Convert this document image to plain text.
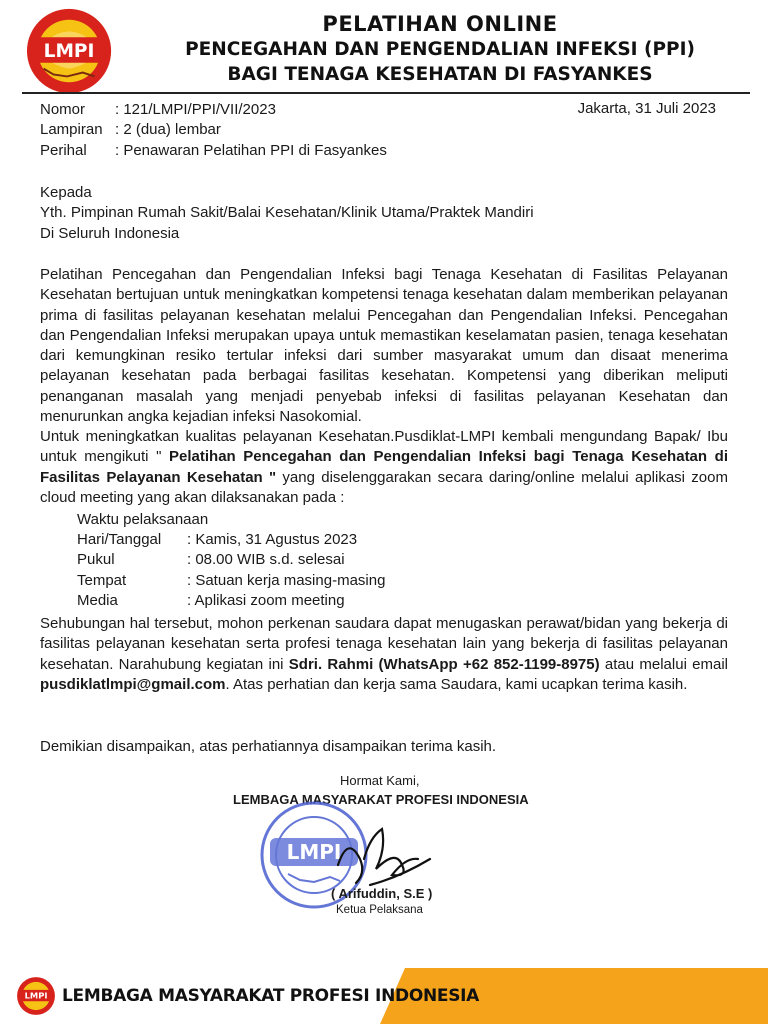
LMPI
PELATIHAN ONLINE
PENCEGAHAN DAN PENGENDALIAN INFEKSI (PPI)
BAGI TENAGA KESEHATAN DI FASYANKES
Nomor : 121/LMPI/PPI/VII/2023	Jakarta, 31 Juli 2023
Lampiran : 2 (dua) lembar
Perihal : Penawaran Pelatihan PPI di Fasyankes
Kepada
Yth. Pimpinan Rumah Sakit/Balai Kesehatan/Klinik Utama/Praktek Mandiri
Di Seluruh Indonesia
Pelatihan Pencegahan dan Pengendalian Infeksi bagi Tenaga Kesehatan di Fasilitas Pelayanan Kesehatan bertujuan untuk meningkatkan kompetensi tenaga kesehatan dalam memberikan pelayanan prima di fasilitas pelayanan kesehatan melalui Pencegahan dan Pengendalian Infeksi. Pencegahan dan Pengendalian Infeksi merupakan upaya untuk memastikan keselamatan pasien, tenaga kesehatan dari kemungkinan resiko tertular infeksi dari sumber masyarakat umum dan disaat menerima pelayanan kesehatan pada berbagai fasilitas kesehatan. Kompetensi yang diberikan meliputi penanganan masalah yang menjadi penyebab infeksi di fasilitas pelayanan Kesehatan dan menurunkan angka kejadian infeksi Nasokomial.
Untuk meningkatkan kualitas pelayanan Kesehatan.Pusdiklat-LMPI kembali mengundang Bapak/ Ibu untuk mengikuti " Pelatihan Pencegahan dan Pengendalian Infeksi bagi Tenaga Kesehatan di Fasilitas Pelayanan Kesehatan " yang diselenggarakan secara daring/online melalui aplikasi zoom cloud meeting yang akan dilaksanakan pada :
Waktu pelaksanaan
Hari/Tanggal : Kamis, 31 Agustus 2023
Pukul	: 08.00 WIB s.d. selesai
Tempat	: Satuan kerja masing-masing
Media	: Aplikasi zoom meeting
Sehubungan hal tersebut, mohon perkenan saudara dapat menugaskan perawat/bidan yang bekerja di fasilitas pelayanan kesehatan serta profesi tenaga kesehatan lain yang bekerja di fasilitas pelayanan kesehatan. Narahubung kegiatan ini Sdri. Rahmi (WhatsApp +62 852-1199-8975) atau melalui email pusdiklatlmpi@gmail.com. Atas perhatian dan kerja sama Saudara, kami ucapkan terima kasih.
Demikian disampaikan, atas perhatiannya disampaikan terima kasih.
Hormat Kami,
LEMBAGA MASYARAKAT PROFESI INDONESIA
LMPI
( Arifuddin, S.E )
Ketua Pelaksana
LMPI LEMBAGA MASYARAKAT PROFESI INDONESIA
